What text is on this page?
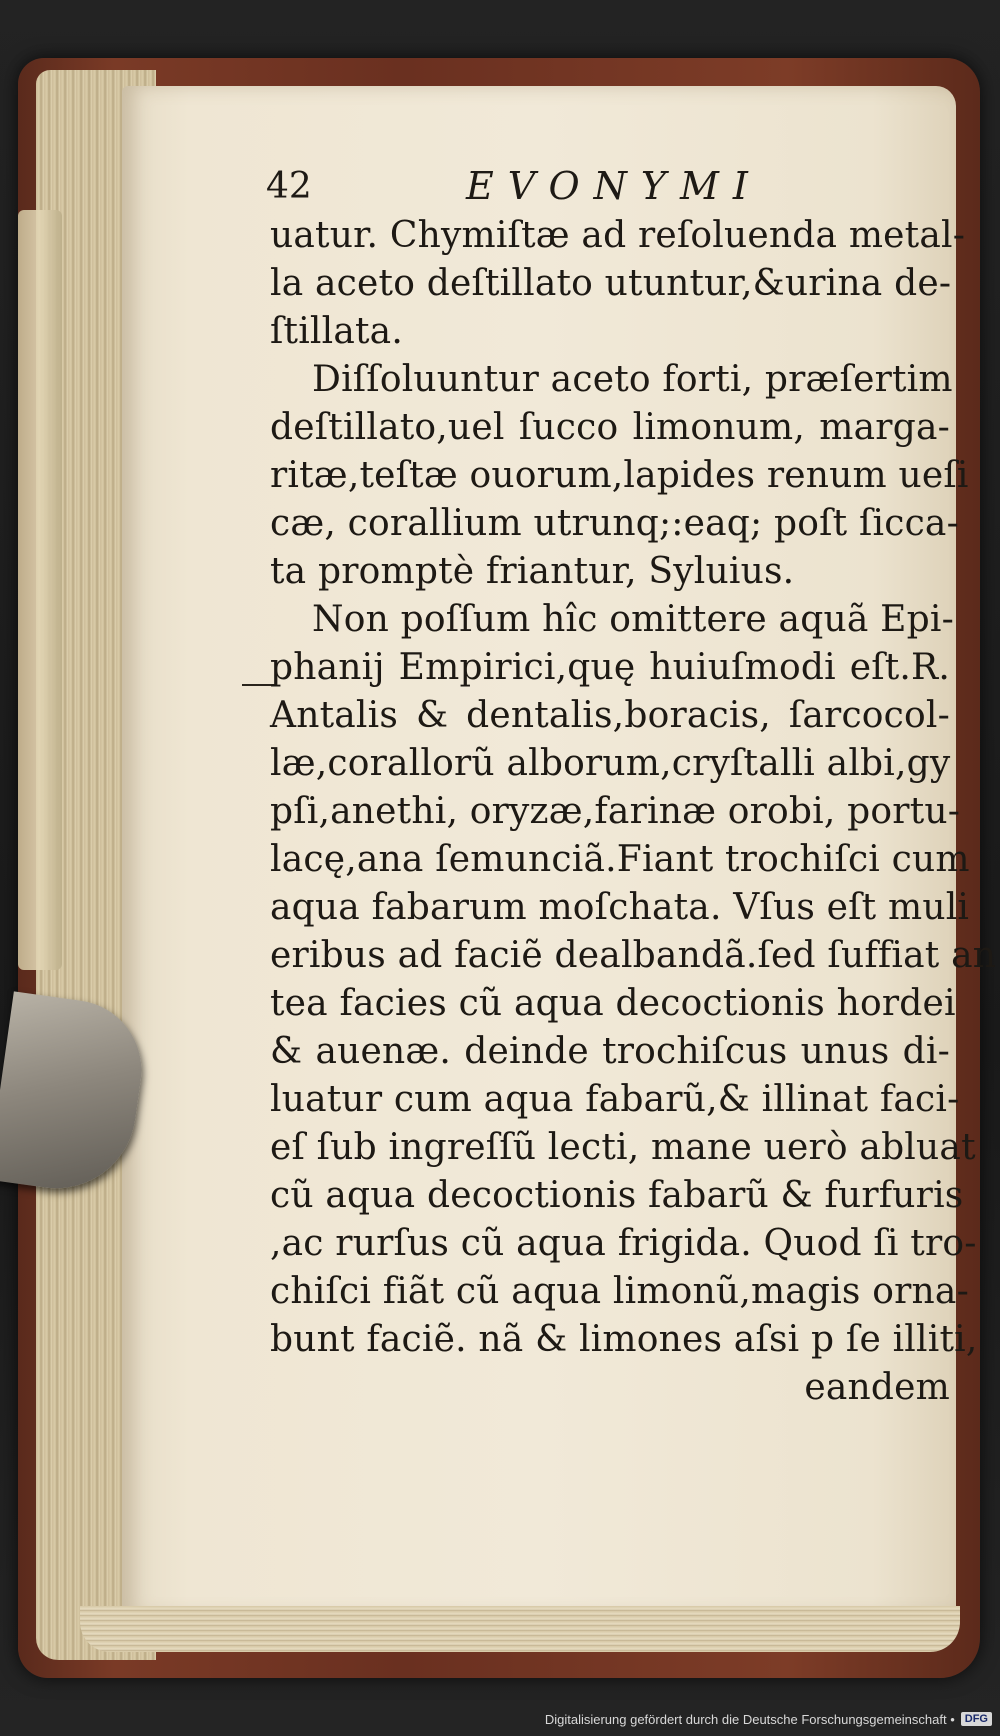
42	EVONYMI
uatur. Chymiſtæ ad reſoluenda metal-
la aceto deſtillato utuntur,&urina de-
ſtillata.
Diſſoluuntur aceto forti, præſertim
deſtillato,uel ſucco limonum, marga-
ritæ,teſtæ ouorum,lapides renum ueſi
cæ, corallium utrunq;:eaq; poſt ſicca-
ta promptè friantur, Syluius.
Non poſſum hîc omittere aquã Epi-
phanij Empirici,quę huiuſmodi eſt.R.
Antalis & dentalis,boracis, ſarcocol-
læ,corallorũ alborum,cryſtalli albi,gy
pſi,anethi, oryzæ,farinæ orobi, portu-
lacę,ana ſemunciã.Fiant trochiſci cum
aqua fabarum moſchata. Vſus eſt muli
eribus ad faciẽ dealbandã.ſed ſuffiat an
tea facies cũ aqua decoctionis hordei
& auenæ. deinde trochiſcus unus di-
luatur cum aqua fabarũ,& illinat faci-
eſ ſub ingreſſũ lecti, mane uerò abluat
cũ aqua decoctionis fabarũ & furfuris
,ac rurſus cũ aqua frigida. Quod ſi tro-
chiſci fiãt cũ aqua limonũ,magis orna-
bunt faciẽ. nã & limones aſsi p ſe illiti,
eandem
Digitalisierung gefördert durch die Deutsche Forschungsgemeinschaft • DFG
